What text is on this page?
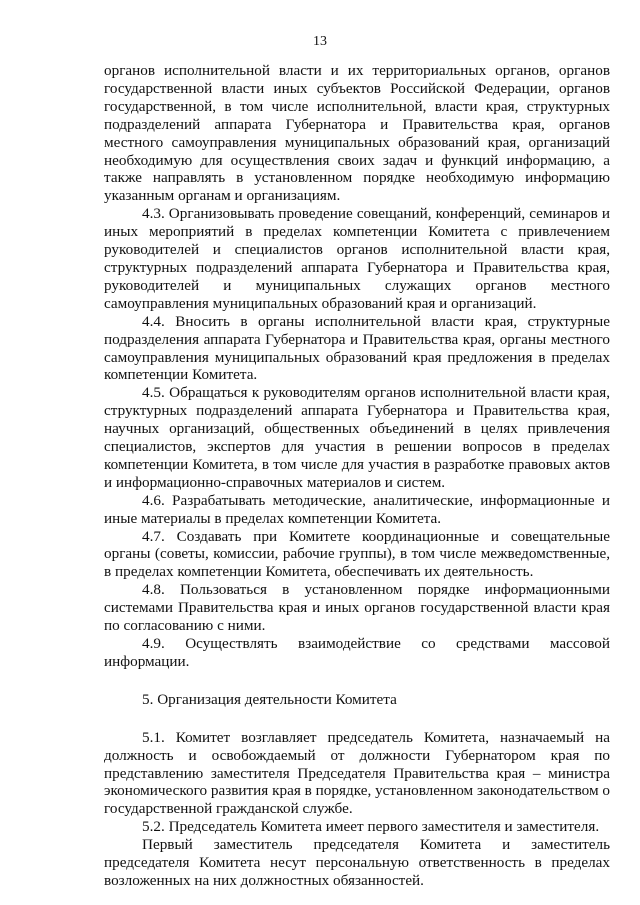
13

органов исполнительной власти и их территориальных органов, органов государственной власти иных субъектов Российской Федерации, органов государственной, в том числе исполнительной, власти края, структурных подразделений аппарата Губернатора и Правительства края, органов местного самоуправления муниципальных образований края, организаций необходимую для осуществления своих задач и функций информацию, а также направлять в установленном порядке необходимую информацию указанным органам и организациям.

4.3. Организовывать проведение совещаний, конференций, семинаров и иных мероприятий в пределах компетенции Комитета с привлечением руководителей и специалистов органов исполнительной власти края, структурных подразделений аппарата Губернатора и Правительства края, руководителей и муниципальных служащих органов местного самоуправления муниципальных образований края и организаций.

4.4. Вносить в органы исполнительной власти края, структурные подразделения аппарата Губернатора и Правительства края, органы местного самоуправления муниципальных образований края предложения в пределах компетенции Комитета.

4.5. Обращаться к руководителям органов исполнительной власти края, структурных подразделений аппарата Губернатора и Правительства края, научных организаций, общественных объединений в целях привлечения специалистов, экспертов для участия в решении вопросов в пределах компетенции Комитета, в том числе для участия в разработке правовых актов и информационно-справочных материалов и систем.

4.6. Разрабатывать методические, аналитические, информационные и иные материалы в пределах компетенции Комитета.

4.7. Создавать при Комитете координационные и совещательные органы (советы, комиссии, рабочие группы), в том числе межведомственные, в пределах компетенции Комитета, обеспечивать их деятельность.

4.8. Пользоваться в установленном порядке информационными системами Правительства края и иных органов государственной власти края по согласованию с ними.

4.9. Осуществлять взаимодействие со средствами массовой информации.

5. Организация деятельности Комитета

5.1. Комитет возглавляет председатель Комитета, назначаемый на должность и освобождаемый от должности Губернатором края по представлению заместителя Председателя Правительства края – министра экономического развития края в порядке, установленном законодательством о государственной гражданской службе.

5.2. Председатель Комитета имеет первого заместителя и заместителя.

Первый заместитель председателя Комитета и заместитель председателя Комитета несут персональную ответственность в пределах возложенных на них должностных обязанностей.
